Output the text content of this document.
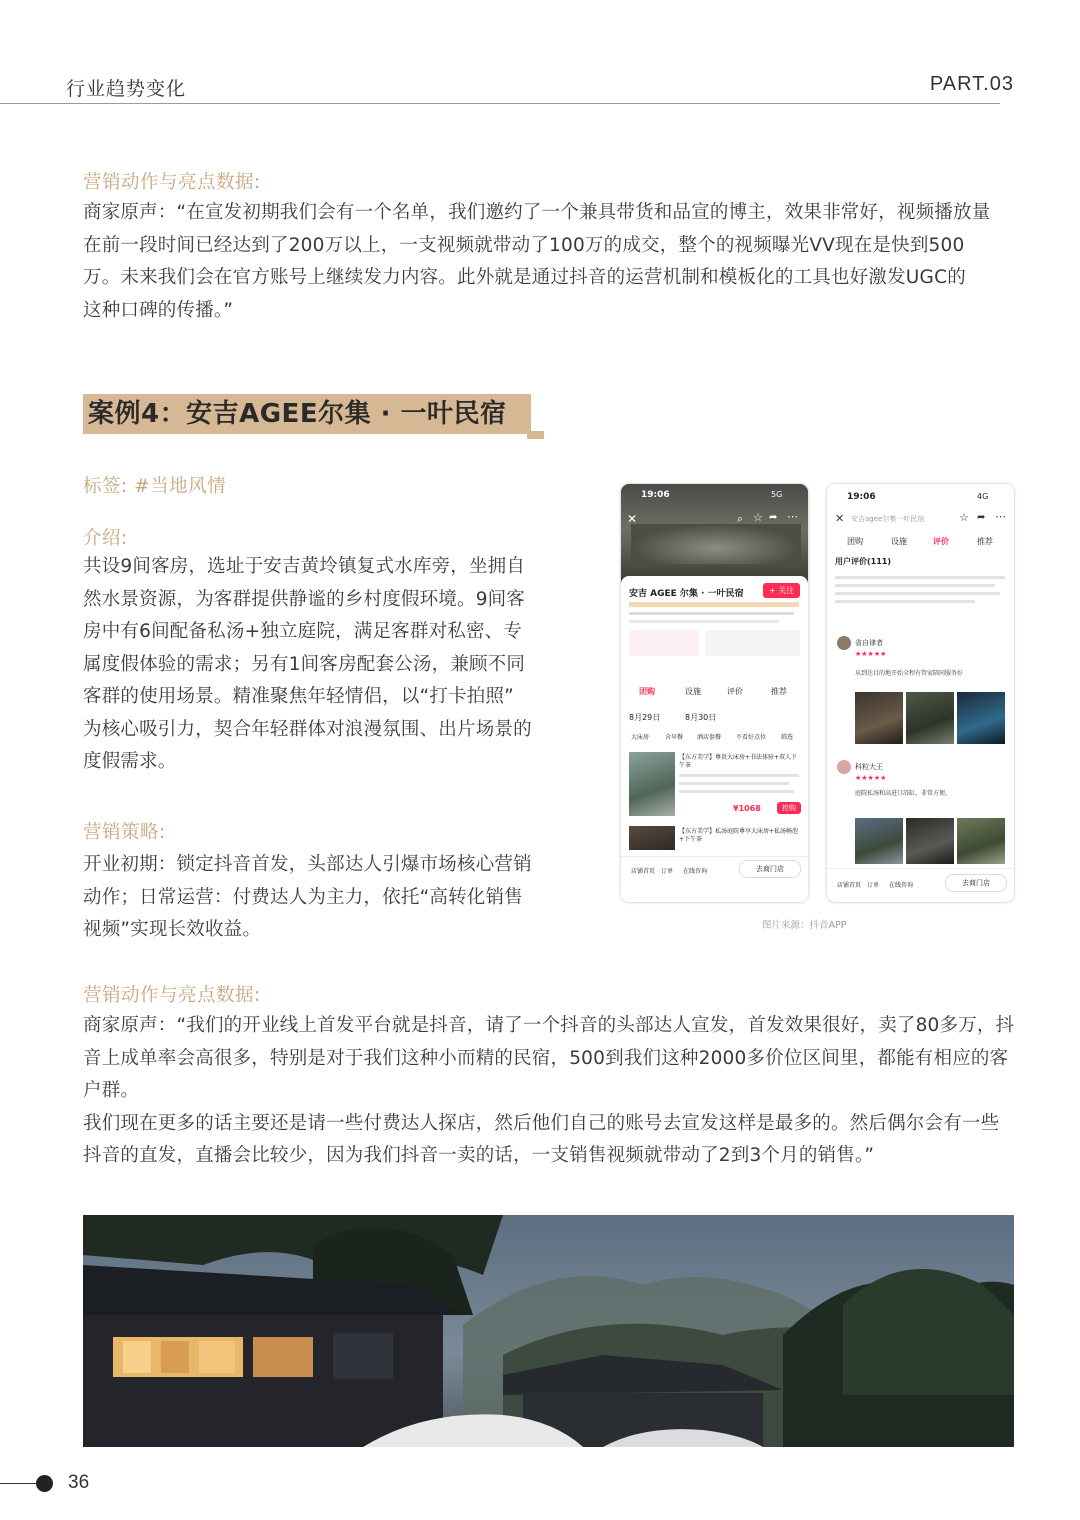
行业趋势变化	PART.03
营销动作与亮点数据:
商家原声：“在宣发初期我们会有一个名单，我们邀约了一个兼具带货和品宣的博主，效果非常好，视频播放量
在前一段时间已经达到了200万以上，一支视频就带动了100万的成交，整个的视频曝光VV现在是快到500
万。未来我们会在官方账号上继续发力内容。此外就是通过抖音的运营机制和模板化的工具也好激发UGC的
这种口碑的传播。”
案例4：安吉AGEE尔集 · 一叶民宿
标签: #当地风情
介绍:
共设9间客房，选址于安吉黄坽镇复式水库旁，坐拥自
然水景资源，为客群提供静谧的乡村度假环境。9间客
房中有6间配备私汤+独立庭院，满足客群对私密、专
属度假体验的需求；另有1间客房配套公汤，兼顾不同
客群的使用场景。精准聚焦年轻情侣，以“打卡拍照”
为核心吸引力，契合年轻群体对浪漫氛围、出片场景的
度假需求。
营销策略:
开业初期：锁定抖音首发，头部达人引爆市场核心营销
动作；日常运营：付费达人为主力，依托“高转化销售
视频”实现长效收益。
19:06	5G
✕	⌕ ☆ ➦ ⋯
安吉 AGEE 尔集 · 一叶民宿	+ 关注
团购	设施	评价	推荐
8月29日	8月30日
大床房	含早餐 酒店套餐 不看好点位 筛选
【东方美学】尊贵大床房+书法体验+双人下午茶
¥1068	抢购
【东方美学】私汤庭院尊享大床房+私汤畅泡+下午茶
店铺首页 订单 在线咨询	去商门店
19:06	4G
✕ 安吉agee尔集一叶民宿	☆ ➦ ⋯
团购	设施	评价	推荐
用户评价(111)
省自律者
★★★★★
从到达目的地开始全程有管家陪同服务好
科粒大王
★★★★★
庭院私汤和高进口浴缸，非常方便。
店铺首页 订单 在线咨询	去商门店
图片来源：抖音APP
营销动作与亮点数据:
商家原声：“我们的开业线上首发平台就是抖音，请了一个抖音的头部达人宣发，首发效果很好，卖了80多万，抖
音上成单率会高很多，特别是对于我们这种小而精的民宿，500到我们这种2000多价位区间里，都能有相应的客
户群。
我们现在更多的话主要还是请一些付费达人探店，然后他们自己的账号去宣发这样是最多的。然后偶尔会有一些
抖音的直发，直播会比较少，因为我们抖音一卖的话，一支销售视频就带动了2到3个月的销售。”
36
